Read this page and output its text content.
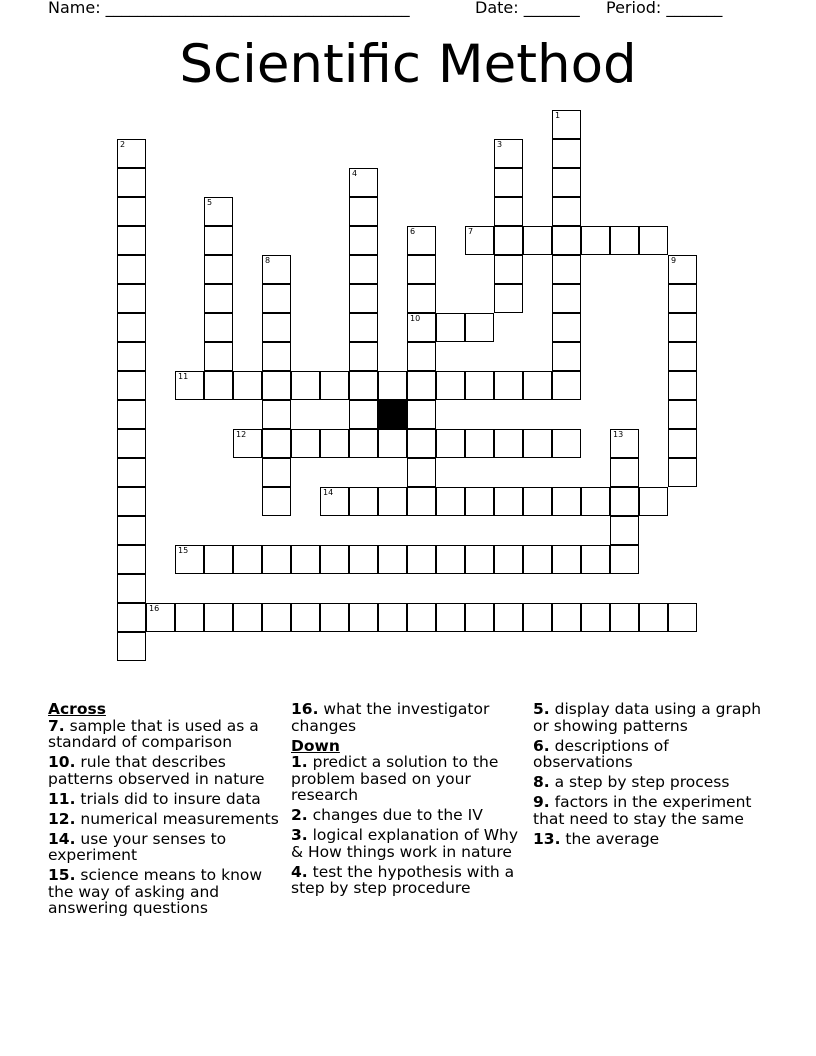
Name: ______________________________________	Date: _______ Period: _______
Scientific Method
1
2	3
4
5
6
10
7
8	9
11
12	13
14
15
16

Across

7. sample that is used as a standard of comparison

10. rule that describes patterns observed in nature

11. trials did to insure data

12. numerical measurements

14. use your senses to experiment

15. science means to know the way of asking and answering questions

16. what the investigator changes

Down

1. predict a solution to the problem based on your research

2. changes due to the IV

3. logical explanation of Why & How things work in nature

4. test the hypothesis with a step by step procedure

5. display data using a graph or showing patterns

6. descriptions of observations

8. a step by step process

9. factors in the experiment that need to stay the same

13. the average
